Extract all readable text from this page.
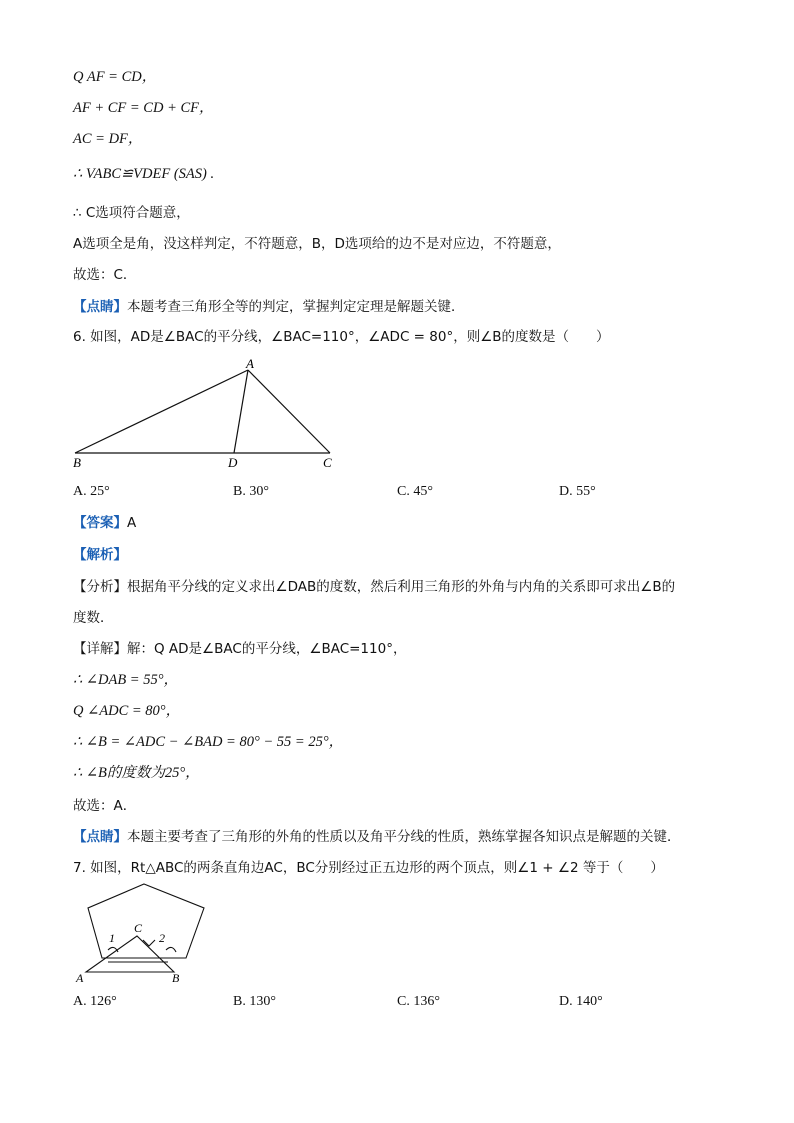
Q AF = CD，
AF + CF = CD + CF，
AC = DF，
∴ VABC≌VDEF (SAS) .
∴ C选项符合题意，
A选项全是角，没这样判定，不符题意，B，D选项给的边不是对应边，不符题意，
故选：C．
【点睛】本题考查三角形全等的判定，掌握判定定理是解题关键．
6. 如图，AD是∠BAC的平分线，∠BAC=110°，∠ADC = 80°，则∠B的度数是（　　）
A
B	D	C
A. 25°	B. 30°	C. 45°	D. 55°
【答案】A
【解析】
【分析】根据角平分线的定义求出∠DAB的度数，然后利用三角形的外角与内角的关系即可求出∠B的
度数．
【详解】解：Q AD是∠BAC的平分线，∠BAC=110°，
∴ ∠DAB = 55°，
Q ∠ADC = 80°，
∴ ∠B = ∠ADC − ∠BAD = 80° − 55 = 25°，
∴ ∠B的度数为25°，
故选：A．
【点睛】本题主要考查了三角形的外角的性质以及角平分线的性质，熟练掌握各知识点是解题的关键．
7. 如图，Rt△ABC的两条直角边AC，BC分别经过正五边形的两个顶点，则∠1 + ∠2 等于（　　）
C
1	2
A	B
A. 126°	B. 130°	C. 136°	D. 140°
